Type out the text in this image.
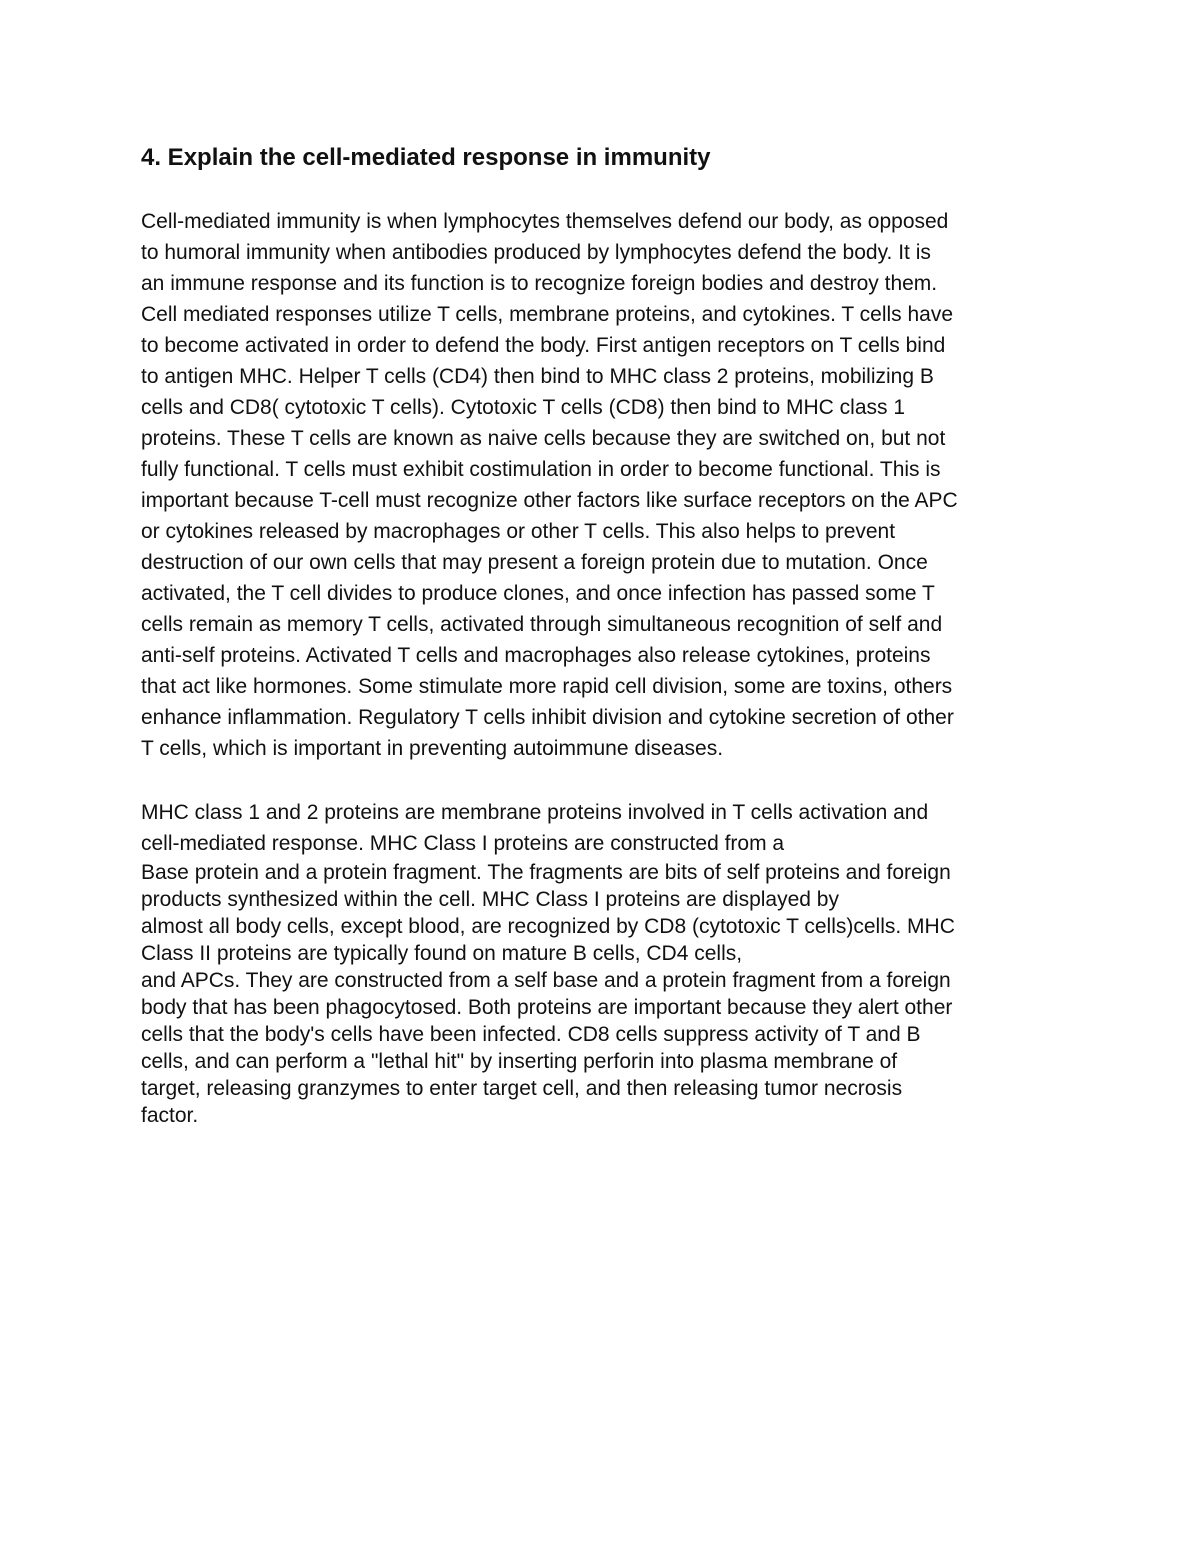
4. Explain the cell-mediated response in immunity
Cell-mediated immunity is when lymphocytes themselves defend our body, as opposed
to humoral immunity when antibodies produced by lymphocytes defend the body. It is
an immune response and its function is to recognize foreign bodies and destroy them.
Cell mediated responses utilize T cells, membrane proteins, and cytokines. T cells have
to become activated in order to defend the body. First antigen receptors on T cells bind
to antigen MHC. Helper T cells (CD4) then bind to MHC class 2 proteins, mobilizing B
cells and CD8( cytotoxic T cells). Cytotoxic T cells (CD8) then bind to MHC class 1
proteins. These T cells are known as naive cells because they are switched on, but not
fully functional. T cells must exhibit costimulation in order to become functional. This is
important because T-cell must recognize other factors like surface receptors on the APC
or cytokines released by macrophages or other T cells. This also helps to prevent
destruction of our own cells that may present a foreign protein due to mutation. Once
activated, the T cell divides to produce clones, and once infection has passed some T
cells remain as memory T cells, activated through simultaneous recognition of self and
anti-self proteins. Activated T cells and macrophages also release cytokines, proteins
that act like hormones. Some stimulate more rapid cell division, some are toxins, others
enhance inflammation. Regulatory T cells inhibit division and cytokine secretion of other
T cells, which is important in preventing autoimmune diseases.
MHC class 1 and 2 proteins are membrane proteins involved in T cells activation and
cell-mediated response. MHC Class I proteins are constructed from a
Base protein and a protein fragment. The fragments are bits of self proteins and foreign
products synthesized within the cell. MHC Class I proteins are displayed by
almost all body cells, except blood, are recognized by CD8 (cytotoxic T cells)cells. MHC
Class II proteins are typically found on mature B cells, CD4 cells,
and APCs. They are constructed from a self base and a protein fragment from a foreign
body that has been phagocytosed. Both proteins are important because they alert other
cells that the body's cells have been infected. CD8 cells suppress activity of T and B
cells, and can perform a "lethal hit" by inserting perforin into plasma membrane of
target, releasing granzymes to enter target cell, and then releasing tumor necrosis
factor.
